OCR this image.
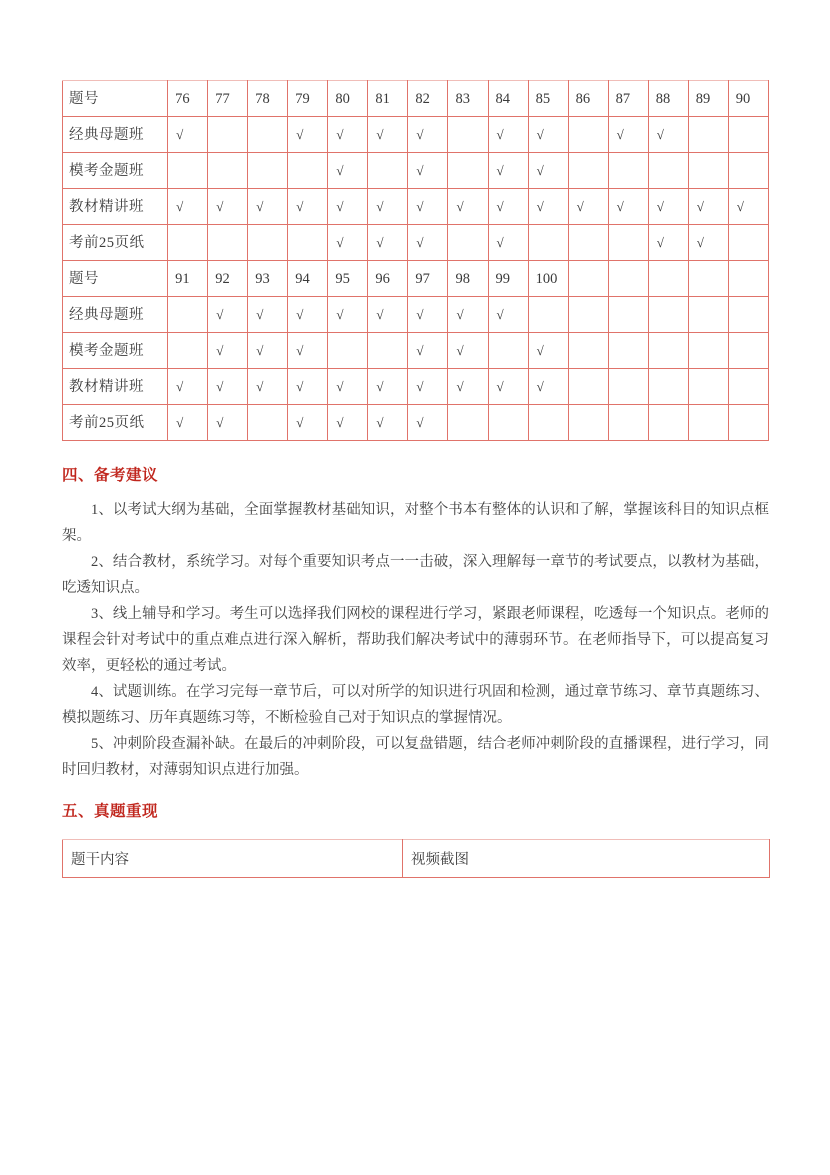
题号	76	77	78	79	80	81	82	83	84	85	86	87	88	89	90
经典母题班	√			√	√	√	√		√	√		√	√		
模考金题班					√		√		√	√					
教材精讲班	√	√	√	√	√	√	√	√	√	√	√	√	√	√	√
考前25页纸					√	√	√		√				√	√	
题号	91	92	93	94	95	96	97	98	99	100					
经典母题班		√	√	√	√	√	√	√	√						
模考金题班		√	√	√			√	√		√					
教材精讲班	√	√	√	√	√	√	√	√	√	√					
考前25页纸	√	√		√	√	√	√								
四、备考建议

1、以考试大纲为基础，全面掌握教材基础知识，对整个书本有整体的认识和了解，掌握该科目的知识点框架。

2、结合教材，系统学习。对每个重要知识考点一一击破，深入理解每一章节的考试要点，以教材为基础，吃透知识点。

3、线上辅导和学习。考生可以选择我们网校的课程进行学习，紧跟老师课程，吃透每一个知识点。老师的课程会针对考试中的重点难点进行深入解析，帮助我们解决考试中的薄弱环节。在老师指导下，可以提高复习效率，更轻松的通过考试。

4、试题训练。在学习完每一章节后，可以对所学的知识进行巩固和检测，通过章节练习、章节真题练习、模拟题练习、历年真题练习等，不断检验自己对于知识点的掌握情况。

5、冲刺阶段查漏补缺。在最后的冲刺阶段，可以复盘错题，结合老师冲刺阶段的直播课程，进行学习，同时回归教材，对薄弱知识点进行加强。

五、真题重现
题干内容	视频截图
